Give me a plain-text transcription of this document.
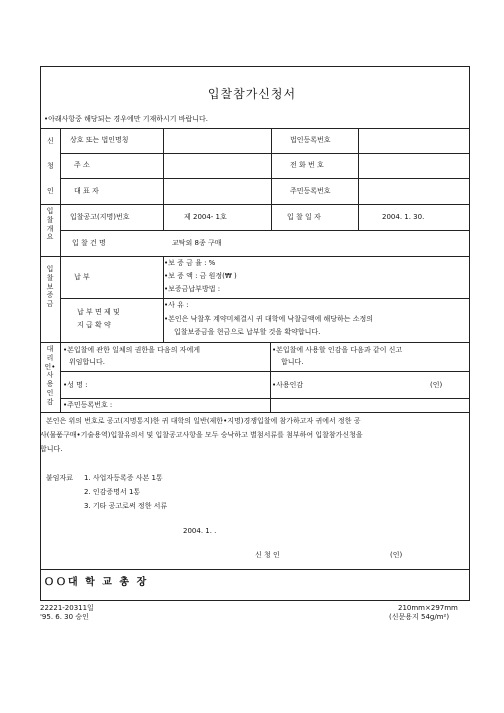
입찰참가신청서
•아래사항중 해당되는 경우에만 기재하시기 바랍니다.
신
청
인
상호 또는 법인명칭	법인등록번호
주 소	전 화 번 호
대 표 자	주민등록번호
입찰개요
입찰공고(지명)번호	제 2004- 1호	입 찰 일 자	2004. 1. 30.
입 찰 건 명	교탁외 8종 구매
입찰보증금
납 부
•보 증 금 율 : %
•보 증 액 : 금 원정(₩ )
•보증금납부방법 :
납 부 면 제 및
지 급 확 약
•사 유 :
•본인은 낙찰후 계약미체결시 귀 대학에 낙찰금액에 해당하는 소정의
입찰보증금을 현금으로 납부할 것을 확약합니다.
대리인•사용인감
•본입찰에 관한 일체의 권한을 다음의 자에게
위임합니다.
•본입찰에 사용할 인감을 다음과 같이 신고
합니다.
•성 명 :	•사용인감	(인)
•주민등록번호 :
본인은 위의 번호로 공고(지명통지)한 귀 대학의 일반(제한•지명)경쟁입찰에 참가하고자 귀에서 정한 공
사(물품구매•기술용역)입찰유의서 및 입찰공고사항을 모두 승낙하고 별첨서류를 첨부하여 입찰참가신청을
합니다.
붙임자료 1. 사업자등록증 사본 1통
2. 인감증명서 1통
3. 기타 공고로써 정한 서류
2004. 1. .
신 청 인	(인)
ＯＯ대 학 교 총 장
22221-20311일
'95. 6. 30 승인
210mm×297mm
(신문용지 54g/m²)
